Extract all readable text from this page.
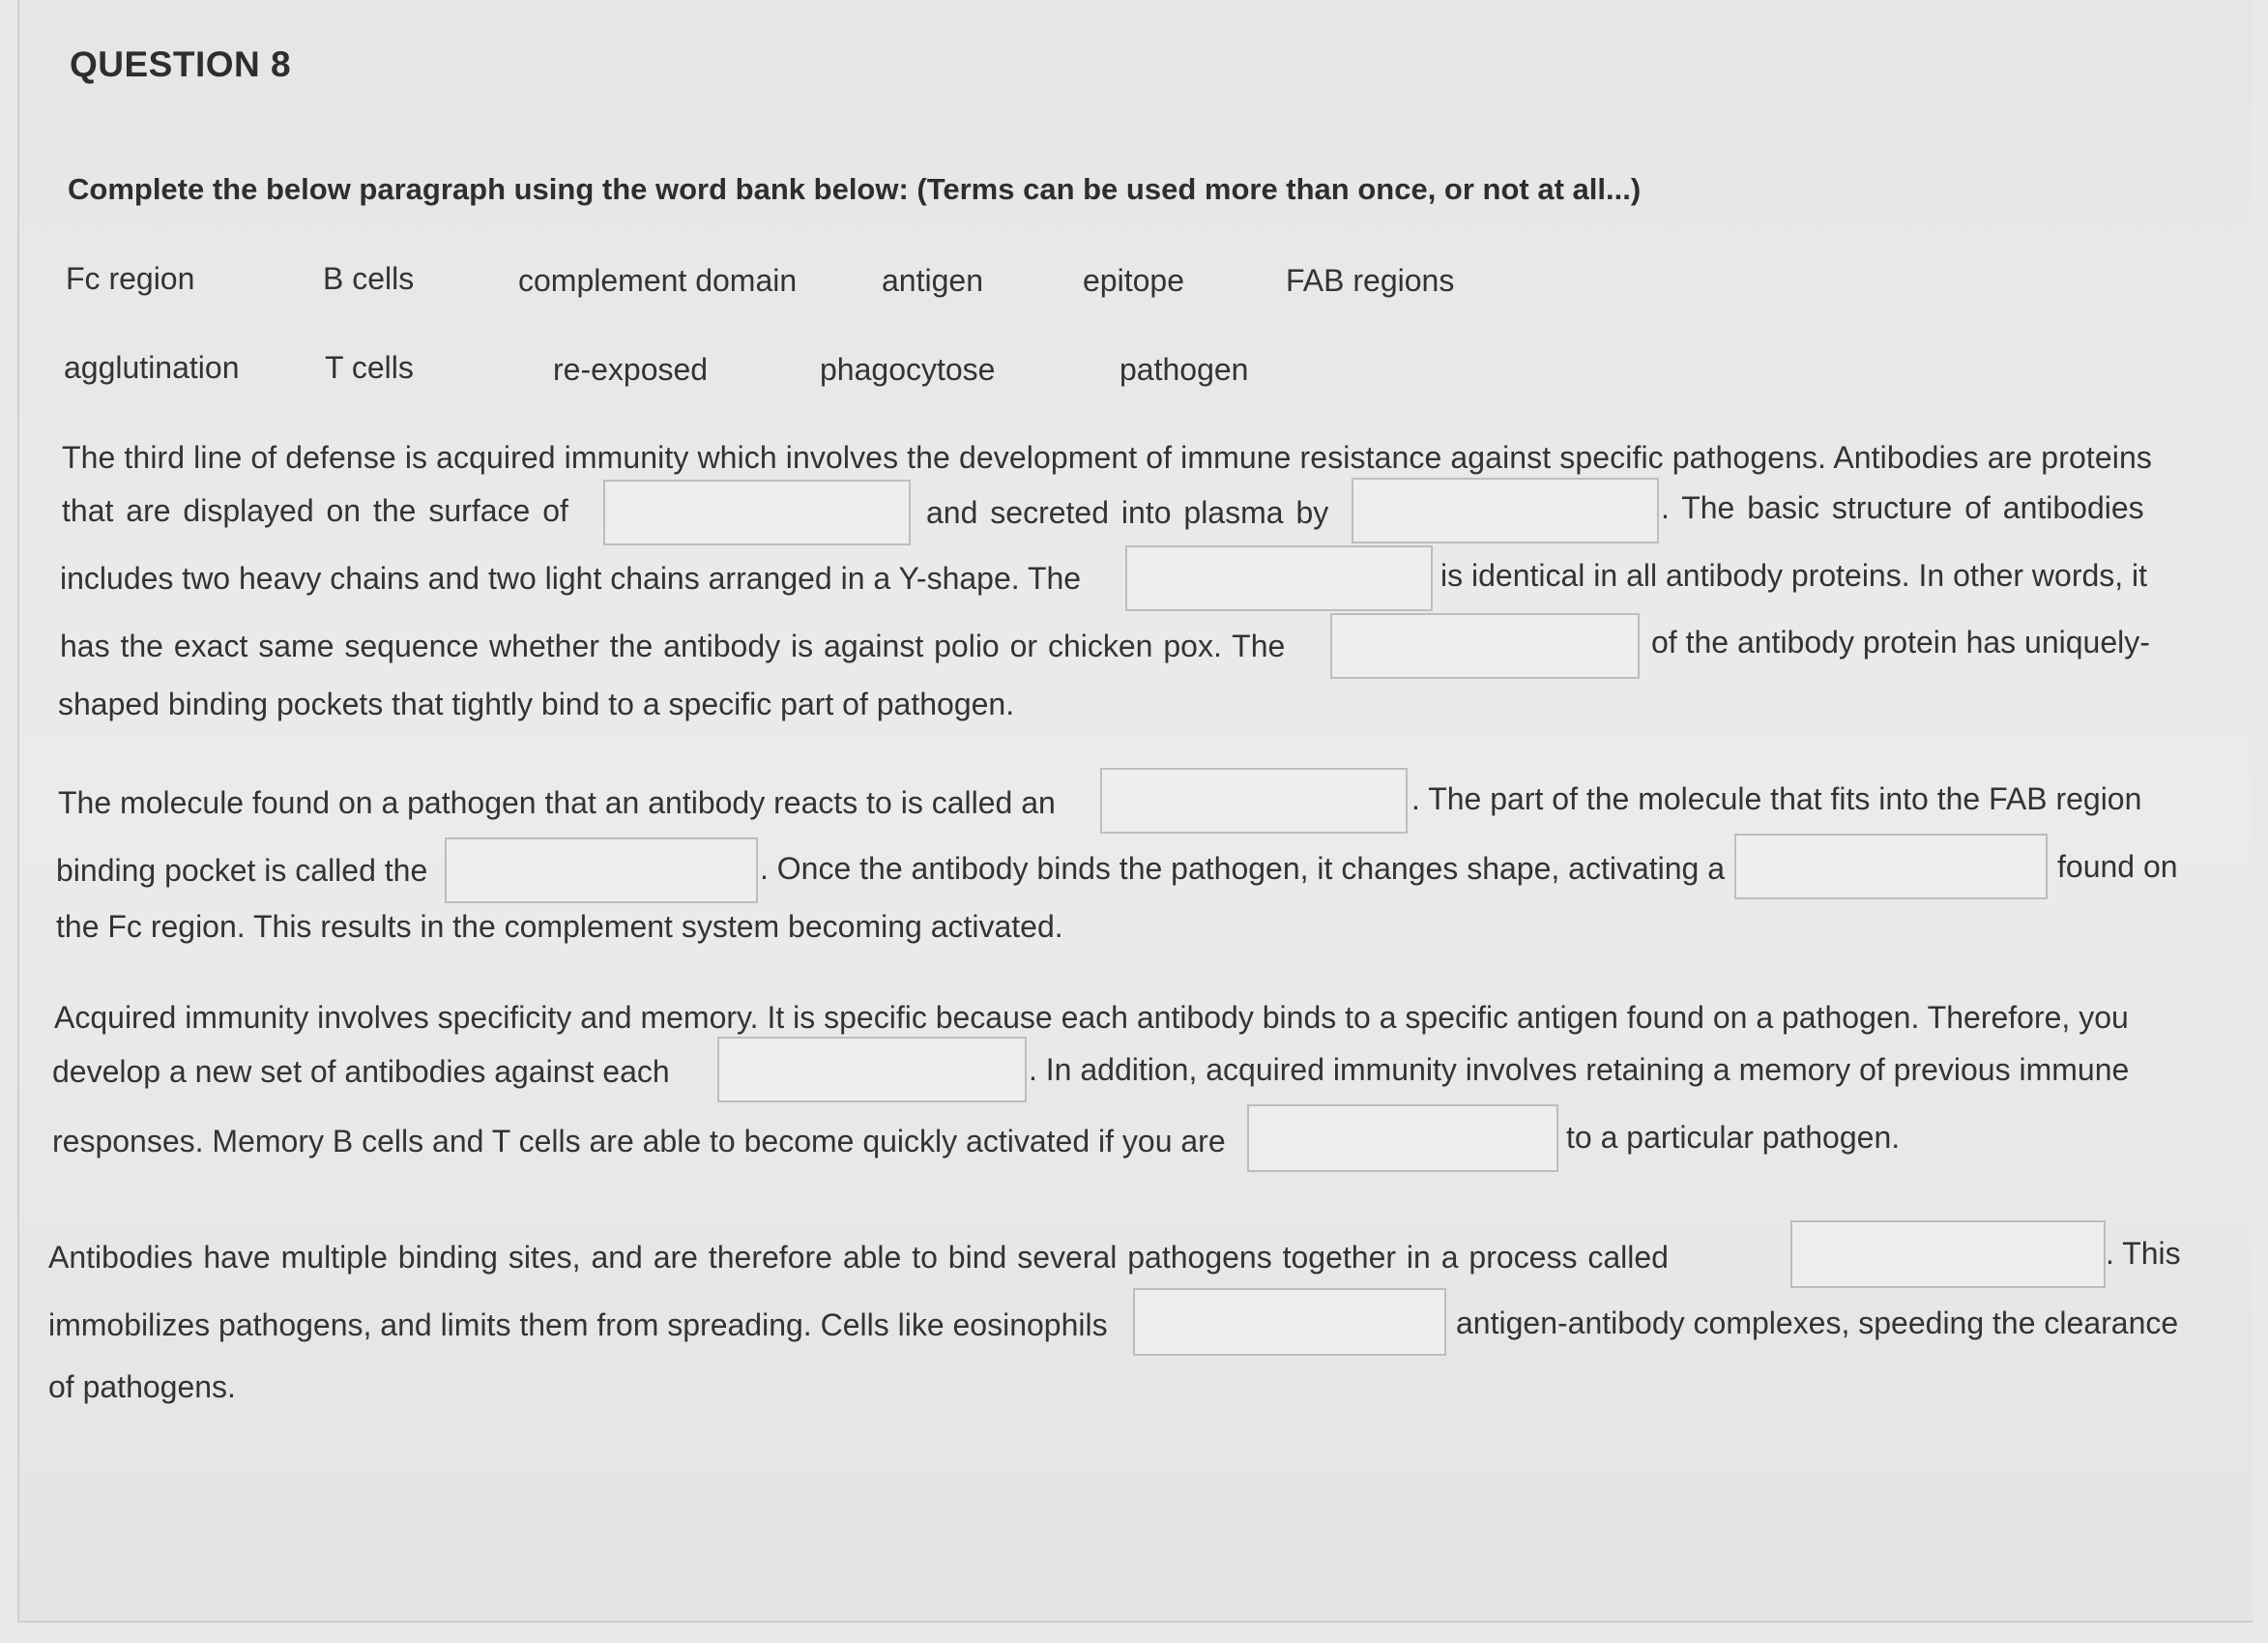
QUESTION 8
Complete the below paragraph using the word bank below: (Terms can be used more than once, or not at all...)
Fc region	B cells	complement domain	antigen	epitope	FAB regions
agglutination	T cells	re-exposed	phagocytose	pathogen
The third line of defense is acquired immunity which involves the development of immune resistance against specific pathogens. Antibodies are proteins
that are displayed on the surface of	and secreted into plasma by	. The basic structure of antibodies
includes two heavy chains and two light chains arranged in a Y-shape. The	is identical in all antibody proteins. In other words, it
has the exact same sequence whether the antibody is against polio or chicken pox. The	of the antibody protein has uniquely-
shaped binding pockets that tightly bind to a specific part of pathogen.
The molecule found on a pathogen that an antibody reacts to is called an	. The part of the molecule that fits into the FAB region
binding pocket is called the	. Once the antibody binds the pathogen, it changes shape, activating a	found on
the Fc region. This results in the complement system becoming activated.
Acquired immunity involves specificity and memory. It is specific because each antibody binds to a specific antigen found on a pathogen. Therefore, you
develop a new set of antibodies against each	. In addition, acquired immunity involves retaining a memory of previous immune
responses. Memory B cells and T cells are able to become quickly activated if you are	to a particular pathogen.
Antibodies have multiple binding sites, and are therefore able to bind several pathogens together in a process called	. This
immobilizes pathogens, and limits them from spreading. Cells like eosinophils	antigen-antibody complexes, speeding the clearance
of pathogens.
